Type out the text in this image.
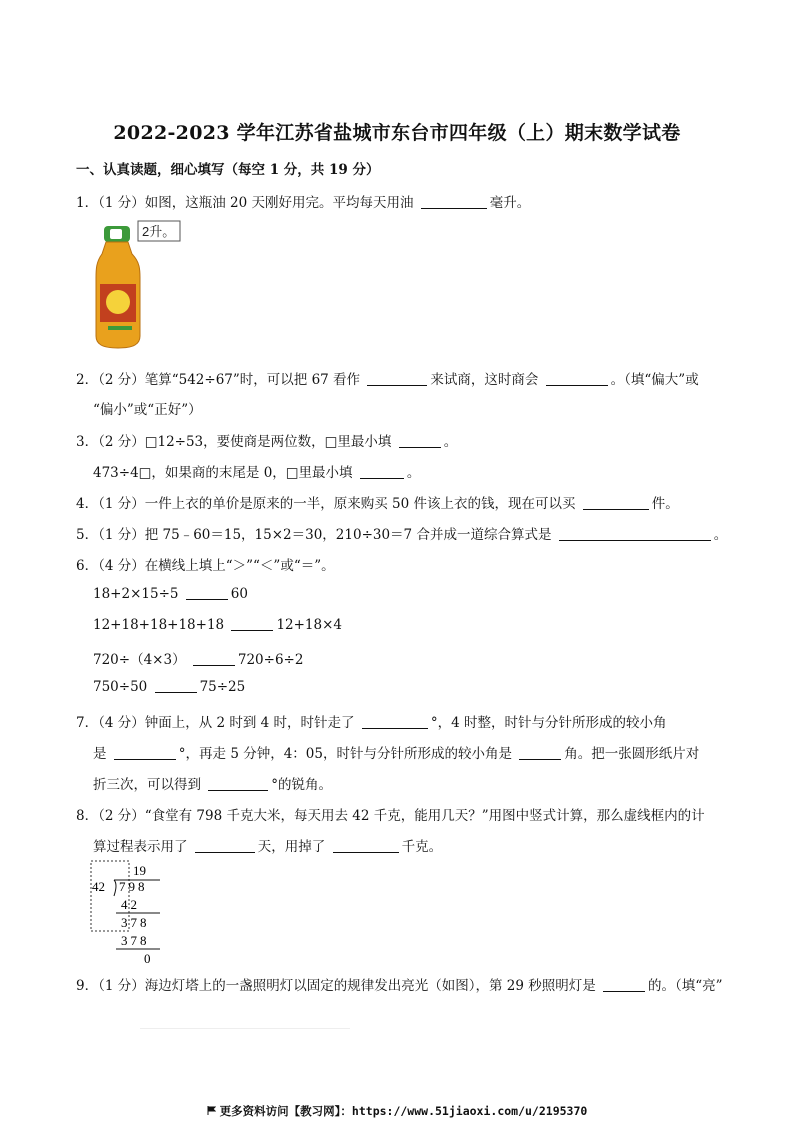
2022-2023 学年江苏省盐城市东台市四年级（上）期末数学试卷
一、认真读题，细心填写（每空 1 分，共 19 分）
1．（1 分）如图，这瓶油 20 天刚好用完。平均每天用油	毫升。
2升。
2．（2 分）笔算“542÷67”时，可以把 67 看作	来试商，这时商会	。（填“偏大”或
“偏小”或“正好”）
3．（2 分）□12÷53，要使商是两位数，□里最小填	。
473÷4□，如果商的末尾是 0，□里最小填	。
4．（1 分）一件上衣的单价是原来的一半，原来购买 50 件该上衣的钱，现在可以买	件。
5．（1 分）把 75﹣60＝15，15×2＝30，210÷30＝7 合并成一道综合算式是	。
6．（4 分）在横线上填上“＞”“＜”或“＝”。
18+2×15÷5	60
12+18+18+18+18	12+18×4
720÷（4×3）	720÷6÷2
750÷50	75÷25
7．（4 分）钟面上，从 2 时到 4 时，时针走了	°，4 时整，时针与分针所形成的较小角
是	°，再走 5 分钟，4：05，时针与分针所形成的较小角是	角。把一张圆形纸片对
折三次，可以得到	°的锐角。
8．（2 分）“食堂有 798 千克大米，每天用去 42 千克，能用几天？”用图中竖式计算，那么虚线框内的计
算过程表示用了	天，用掉了	千克。
19
42 798
42
378
378
0
9．（1 分）海边灯塔上的一盏照明灯以固定的规律发出亮光（如图），第 29 秒照明灯是	的。（填“亮”
更多资料访问【教习网】：https://www.51jiaoxi.com/u/2195370
